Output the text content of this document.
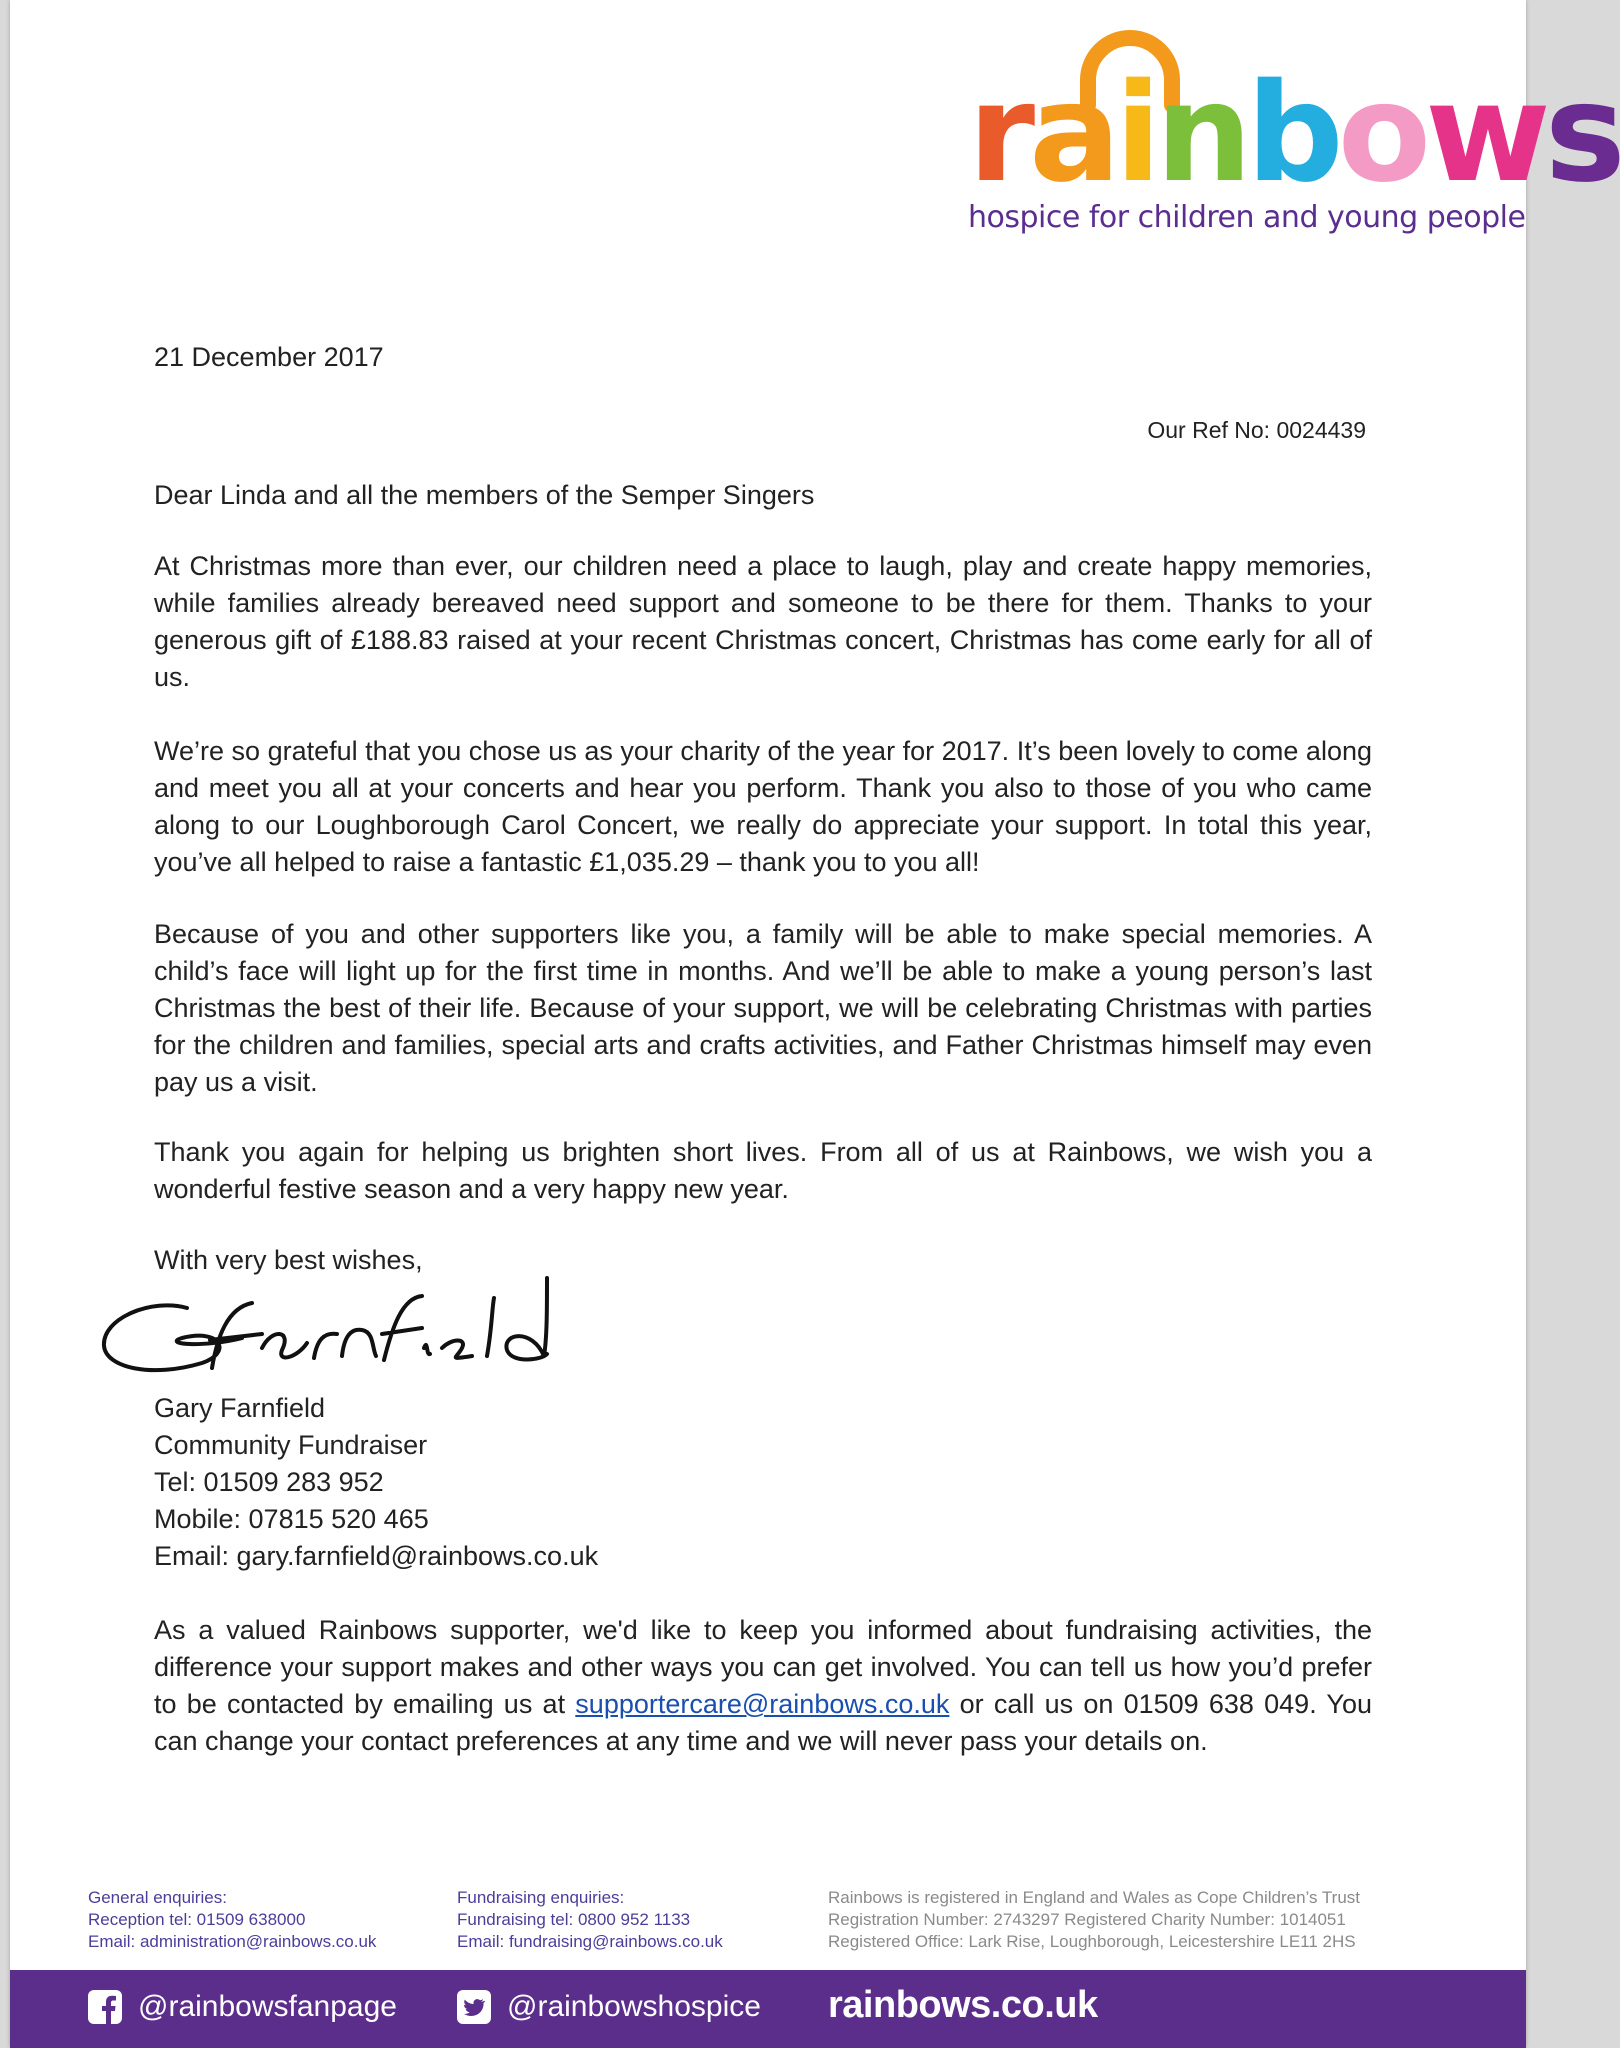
rainbows
hospice for children and young people
21 December 2017
Our Ref No: 0024439
Dear Linda and all the members of the Semper Singers

At Christmas more than ever, our children need a place to laugh, play and create happy memories, while families already bereaved need support and someone to be there for them. Thanks to your generous gift of £188.83 raised at your recent Christmas concert, Christmas has come early for all of us.

We’re so grateful that you chose us as your charity of the year for 2017. It’s been lovely to come along and meet you all at your concerts and hear you perform. Thank you also to those of you who came along to our Loughborough Carol Concert, we really do appreciate your support. In total this year, you’ve all helped to raise a fantastic £1,035.29 – thank you to you all!

Because of you and other supporters like you, a family will be able to make special memories. A child’s face will light up for the first time in months. And we’ll be able to make a young person’s last Christmas the best of their life. Because of your support, we will be celebrating Christmas with parties for the children and families, special arts and crafts activities, and Father Christmas himself may even pay us a visit.

Thank you again for helping us brighten short lives. From all of us at Rainbows, we wish you a wonderful festive season and a very happy new year.

With very best wishes,
Gary Farnfield
Community Fundraiser
Tel: 01509 283 952
Mobile: 07815 520 465
Email: gary.farnfield@rainbows.co.uk

As a valued Rainbows supporter, we'd like to keep you informed about fundraising activities, the difference your support makes and other ways you can get involved. You can tell us how you’d prefer to be contacted by emailing us at supportercare@rainbows.co.uk or call us on 01509 638 049. You can change your contact preferences at any time and we will never pass your details on.

General enquiries:
Reception tel: 01509 638000
Email: administration@rainbows.co.uk
Fundraising enquiries:
Fundraising tel: 0800 952 1133
Email: fundraising@rainbows.co.uk
Rainbows is registered in England and Wales as Cope Children’s Trust
Registration Number: 2743297 Registered Charity Number: 1014051
Registered Office: Lark Rise, Loughborough, Leicestershire LE11 2HS
@rainbowsfanpage	@rainbowshospice rainbows.co.uk
